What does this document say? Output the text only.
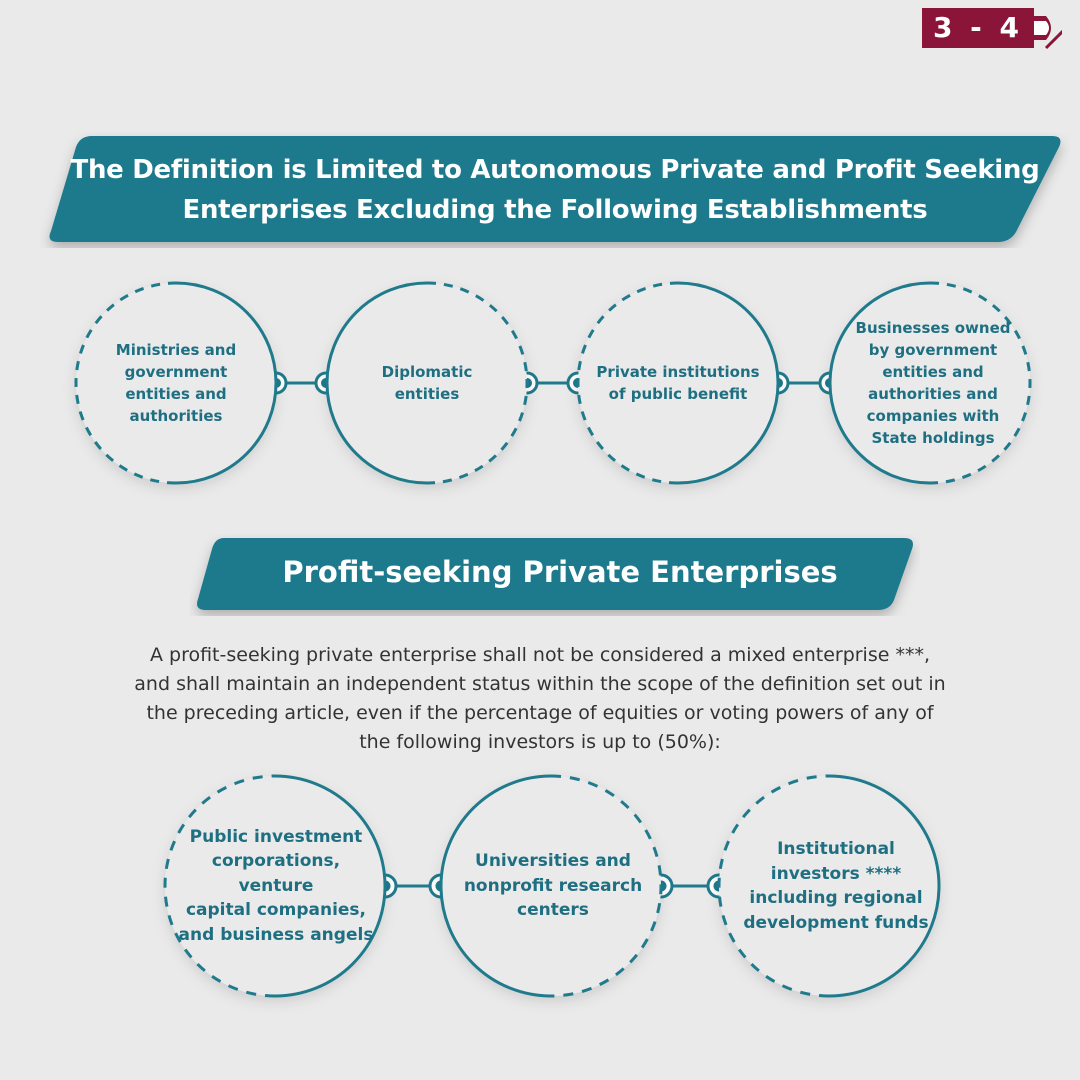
3 - 4
The Definition is Limited to Autonomous Private and Profit Seeking
Enterprises Excluding the Following Establishments
Ministries and
government
entities and
authorities
Diplomatic entities
Private institutions
of public benefit
Businesses owned
by government
entities and
authorities and
companies with
State holdings
Profit-seeking Private Enterprises
A profit-seeking private enterprise shall not be considered a mixed enterprise ***,
and shall maintain an independent status within the scope of the definition set out in
the preceding article, even if the percentage of equities or voting powers of any of
the following investors is up to (50%):
Public investment
corporations, venture
capital companies,
and business angels
Universities and
nonprofit research
centers
Institutional
investors ****
including regional
development funds
